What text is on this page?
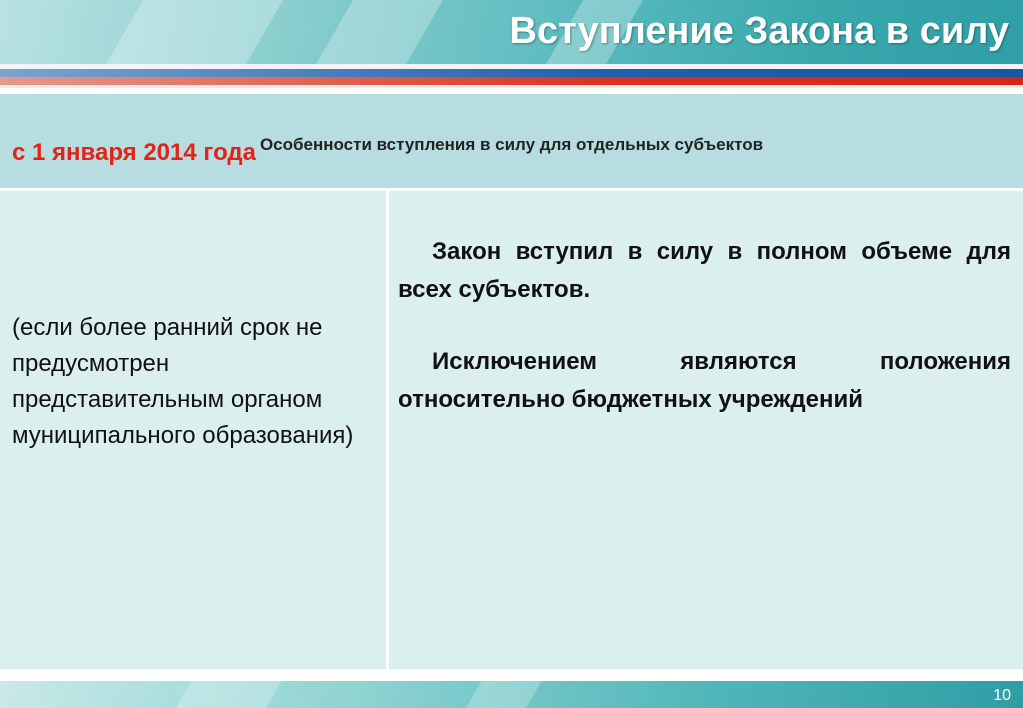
Вступление Закона в силу
Особенности вступления в силу для отдельных субъектов
с 1 января 2014 года
(если более ранний срок не предусмотрен представительным органом муниципального образования)
Закон вступил в силу в полном объеме для всех субъектов.
Исключением являются положения относительно бюджетных учреждений
10
